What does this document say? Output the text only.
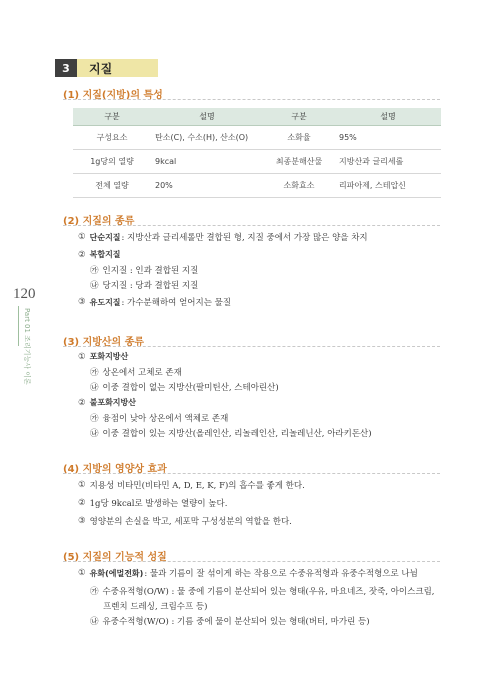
120
Part 01 조리기능사 이론
3	지질
(1) 지질(지방)의 특성
구분	설명	구분	설명
구성요소	탄소(C), 수소(H), 산소(O)	소화율	95%
1g당의 열량	9kcal	최종분해산물	지방산과 글리세롤
전체 열량	20%	소화효소	리파아제, 스테압신
(2) 지질의 종류
① 단순지질 : 지방산과 글리세롤만 결합된 형, 지질 중에서 가장 많은 양을 차지
② 복합지질
㉮ 인지질 : 인과 결합된 지질
㉯ 당지질 : 당과 결합된 지질
③ 유도지질 : 가수분해하여 얻어지는 물질
(3) 지방산의 종류
① 포화지방산
㉮ 상온에서 고체로 존재
㉯ 이중 결합이 없는 지방산(팔미틴산, 스테아린산)
② 불포화지방산
㉮ 융점이 낮아 상온에서 액체로 존재
㉯ 이중 결합이 있는 지방산(올레인산, 리놀레인산, 리놀레닌산, 아라키돈산)
(4) 지방의 영양상 효과
① 지용성 비타민(비타민 A, D, E, K, F)의 흡수를 좋게 한다.
② 1g당 9kcal로 발생하는 열량이 높다.
③ 영양분의 손실을 박고, 세포막 구성성분의 역할을 한다.
(5) 지질의 기능적 성질
① 유화(에멀전화) : 물과 기름이 잘 섞이게 하는 작용으로 수중유적형과 유중수적형으로 나뉨
㉮ 수중유적형(O/W) : 물 중에 기름이 분산되어 있는 형태(우유, 마요네즈, 잣죽, 아이스크림,
프렌치 드레싱, 크림수프 등)
㉯ 유중수적형(W/O) : 기름 중에 물이 분산되어 있는 형태(버터, 마가린 등)
